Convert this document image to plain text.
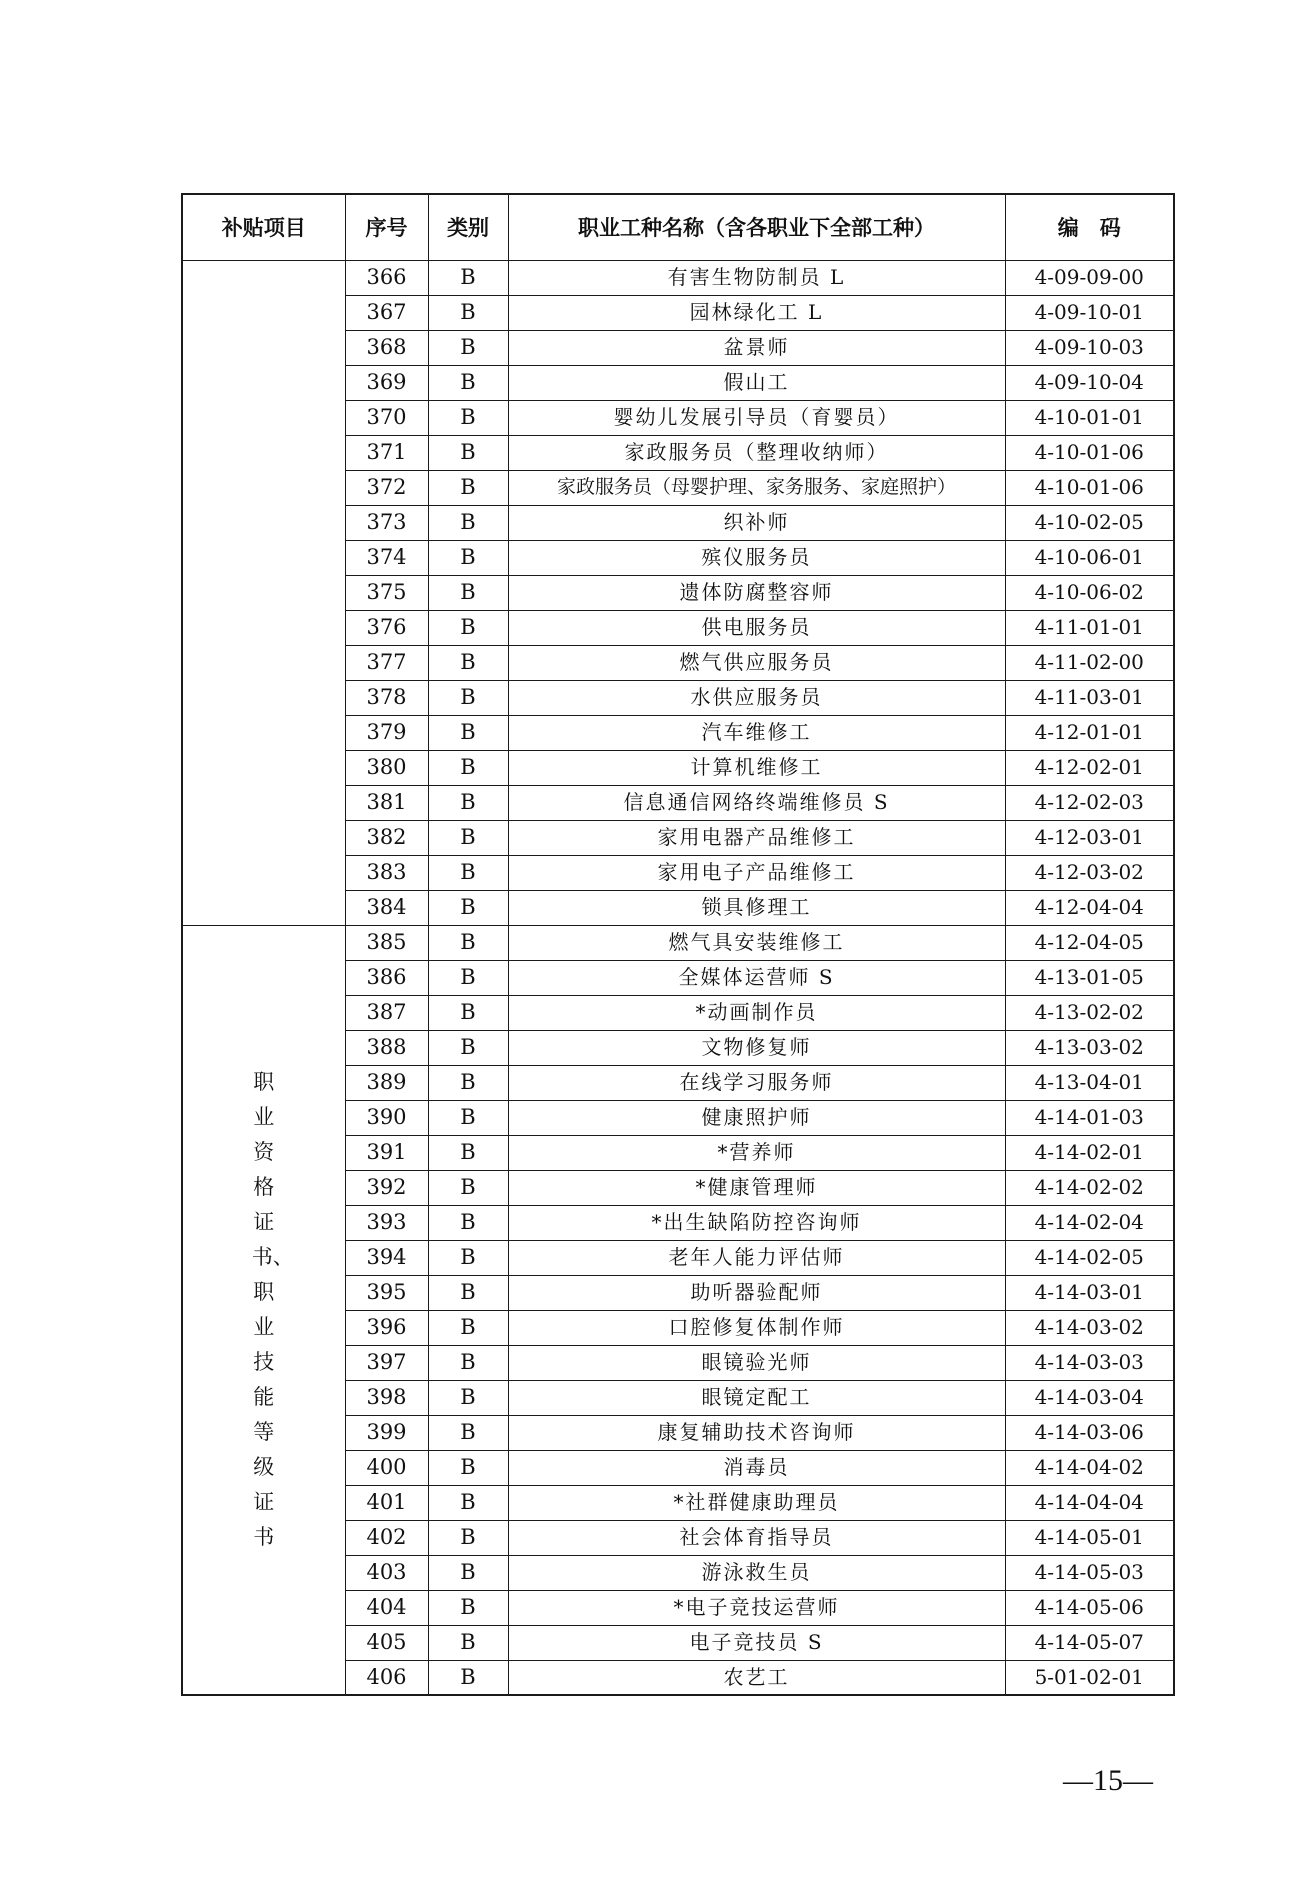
补贴项目	序号	类别	职业工种名称（含各职业下全部工种）	编　码
	366	B	有害生物防制员 L	4-09-09-00
	367	B	园林绿化工 L	4-09-10-01
	368	B	盆景师	4-09-10-03
	369	B	假山工	4-09-10-04
	370	B	婴幼儿发展引导员（育婴员）	4-10-01-01
	371	B	家政服务员（整理收纳师）	4-10-01-06
	372	B	家政服务员（母婴护理、家务服务、家庭照护）	4-10-01-06
	373	B	织补师	4-10-02-05
	374	B	殡仪服务员	4-10-06-01
	375	B	遗体防腐整容师	4-10-06-02
	376	B	供电服务员	4-11-01-01
	377	B	燃气供应服务员	4-11-02-00
	378	B	水供应服务员	4-11-03-01
	379	B	汽车维修工	4-12-01-01
	380	B	计算机维修工	4-12-02-01
	381	B	信息通信网络终端维修员 S	4-12-02-03
	382	B	家用电器产品维修工	4-12-03-01
	383	B	家用电子产品维修工	4-12-03-02
	384	B	锁具修理工	4-12-04-04
职业资格证书、职业技能等级证书	385	B	燃气具安装维修工	4-12-04-05
	386	B	全媒体运营师 S	4-13-01-05
	387	B	*动画制作员	4-13-02-02
	388	B	文物修复师	4-13-03-02
	389	B	在线学习服务师	4-13-04-01
	390	B	健康照护师	4-14-01-03
	391	B	*营养师	4-14-02-01
	392	B	*健康管理师	4-14-02-02
	393	B	*出生缺陷防控咨询师	4-14-02-04
	394	B	老年人能力评估师	4-14-02-05
	395	B	助听器验配师	4-14-03-01
	396	B	口腔修复体制作师	4-14-03-02
	397	B	眼镜验光师	4-14-03-03
	398	B	眼镜定配工	4-14-03-04
	399	B	康复辅助技术咨询师	4-14-03-06
	400	B	消毒员	4-14-04-02
	401	B	*社群健康助理员	4-14-04-04
	402	B	社会体育指导员	4-14-05-01
	403	B	游泳救生员	4-14-05-03
	404	B	*电子竞技运营师	4-14-05-06
	405	B	电子竞技员 S	4-14-05-07
	406	B	农艺工	5-01-02-01
—15—
